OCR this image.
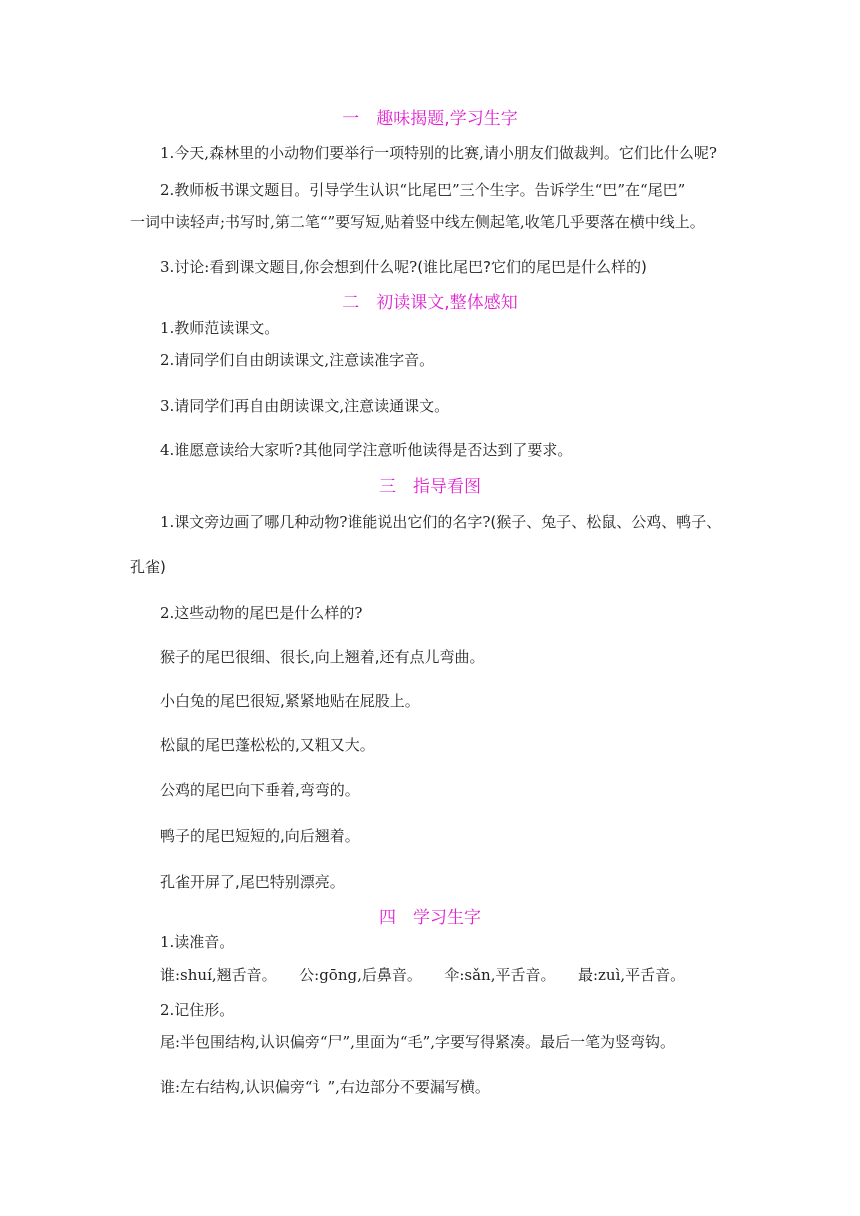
一　趣味揭题,学习生字
1.今天,森林里的小动物们要举行一项特别的比赛,请小朋友们做裁判。它们比什么呢?
2.教师板书课文题目。引导学生认识“比尾巴”三个生字。告诉学生“巴”在“尾巴”
一词中读轻声;书写时,第二笔“”要写短,贴着竖中线左侧起笔,收笔几乎要落在横中线上。
3.讨论:看到课文题目,你会想到什么呢?(谁比尾巴?它们的尾巴是什么样的)
二　初读课文,整体感知
1.教师范读课文。
2.请同学们自由朗读课文,注意读准字音。
3.请同学们再自由朗读课文,注意读通课文。
4.谁愿意读给大家听?其他同学注意听他读得是否达到了要求。
三　指导看图
1.课文旁边画了哪几种动物?谁能说出它们的名字?(猴子、兔子、松鼠、公鸡、鸭子、
孔雀)
2.这些动物的尾巴是什么样的?
猴子的尾巴很细、很长,向上翘着,还有点儿弯曲。
小白兔的尾巴很短,紧紧地贴在屁股上。
松鼠的尾巴蓬松松的,又粗又大。
公鸡的尾巴向下垂着,弯弯的。
鸭子的尾巴短短的,向后翘着。
孔雀开屏了,尾巴特别漂亮。
四　学习生字
1.读准音。
谁:shuí,翘舌音。　　公:gōng,后鼻音。　　伞:sǎn,平舌音。　　最:zuì,平舌音。
2.记住形。
尾:半包围结构,认识偏旁“尸”,里面为“毛”,字要写得紧凑。最后一笔为竖弯钩。
谁:左右结构,认识偏旁“讠”,右边部分不要漏写横。
